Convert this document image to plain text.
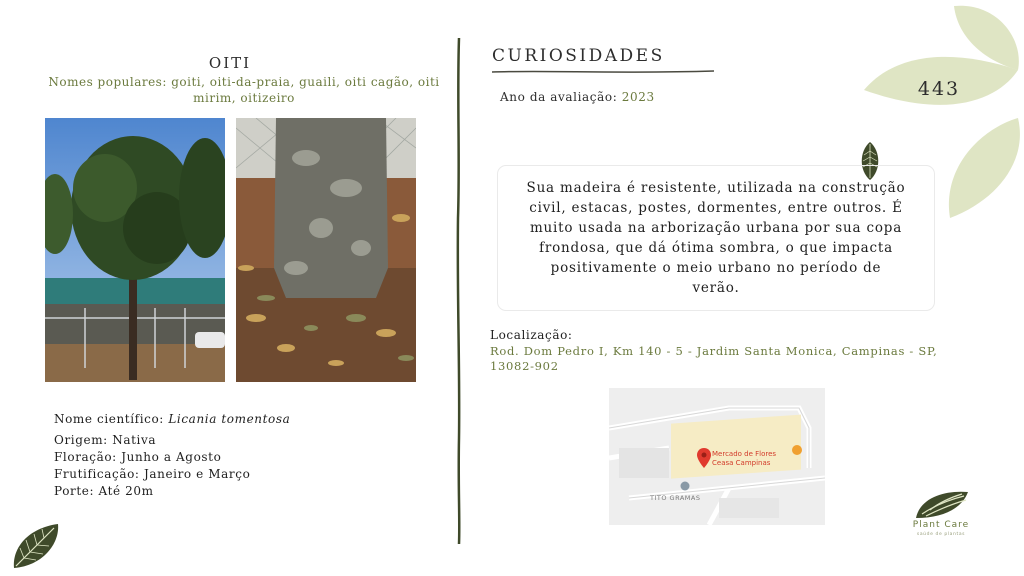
OITI
Nomes populares: goiti, oiti-da-praia, guaili, oiti cagão, oiti mirim, oitizeiro
Nome científico: Licania tomentosa
Origem: Nativa
Floração: Junho a Agosto
Frutificação: Janeiro e Março
Porte: Até 20m
CURIOSIDADES
Ano da avaliação: 2023	443
Sua madeira é resistente, utilizada na construção civil, estacas, postes, dormentes, entre outros. É muito usada na arborização urbana por sua copa frondosa, que dá ótima sombra, o que impacta positivamente o meio urbano no período de verão.
Localização:
Rod. Dom Pedro I, Km 140 - 5 - Jardim Santa Monica, Campinas - SP, 13082-902
Mercado de Flores
Ceasa Campinas
TITO GRAMAS
Plant Care
saúde de plantas
